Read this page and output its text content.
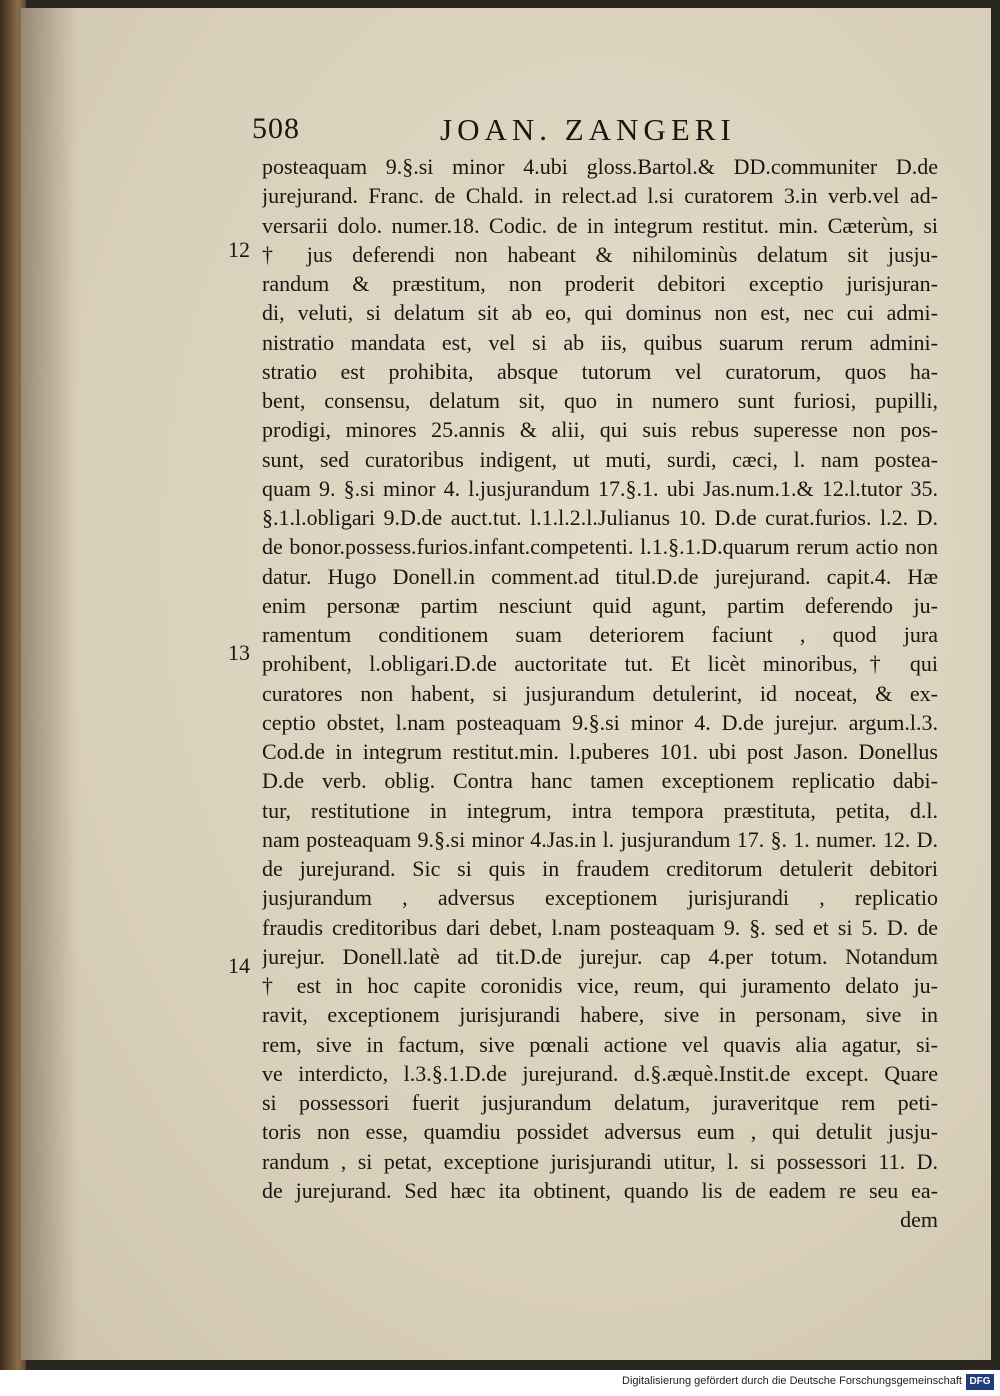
508	JOAN. ZANGERI
12
13
14
posteaquam 9.§.si minor 4.ubi gloss.Bartol.& DD.communiter D.de
jurejurand. Franc. de Chald. in relect.ad l.si curatorem 3.in verb.vel ad-
versarii dolo. numer.18. Codic. de in integrum restitut. min. Cæterùm, si
† jus deferendi non habeant & nihilominùs delatum sit jusju-
randum & præstitum, non proderit debitori exceptio jurisjuran-
di, veluti, si delatum sit ab eo, qui dominus non est, nec cui admi-
nistratio mandata est, vel si ab iis, quibus suarum rerum admini-
stratio est prohibita, absque tutorum vel curatorum, quos ha-
bent, consensu, delatum sit, quo in numero sunt furiosi, pupilli,
prodigi, minores 25.annis & alii, qui suis rebus superesse non pos-
sunt, sed curatoribus indigent, ut muti, surdi, cæci, l. nam postea-
quam 9. §.si minor 4. l.jusjurandum 17.§.1. ubi Jas.num.1.& 12.l.tutor 35.
§.1.l.obligari 9.D.de auct.tut. l.1.l.2.l.Julianus 10. D.de curat.furios. l.2. D.
de bonor.possess.furios.infant.competenti. l.1.§.1.D.quarum rerum actio non
datur. Hugo Donell.in comment.ad titul.D.de jurejurand. capit.4. Hæ
enim personæ partim nesciunt quid agunt, partim deferendo ju-
ramentum conditionem suam deteriorem faciunt , quod jura
prohibent, l.obligari.D.de auctoritate tut. Et licèt minoribus,† qui
curatores non habent, si jusjurandum detulerint, id noceat, & ex-
ceptio obstet, l.nam posteaquam 9.§.si minor 4. D.de jurejur. argum.l.3.
Cod.de in integrum restitut.min. l.puberes 101. ubi post Jason. Donellus
D.de verb. oblig. Contra hanc tamen exceptionem replicatio dabi-
tur, restitutione in integrum, intra tempora præstituta, petita, d.l.
nam posteaquam 9.§.si minor 4.Jas.in l. jusjurandum 17. §. 1. numer. 12. D.
de jurejurand. Sic si quis in fraudem creditorum detulerit debitori
jusjurandum , adversus exceptionem jurisjurandi , replicatio
fraudis creditoribus dari debet, l.nam posteaquam 9. §. sed et si 5. D. de
jurejur. Donell.latè ad tit.D.de jurejur. cap 4.per totum. Notandum
† est in hoc capite coronidis vice, reum, qui juramento delato ju-
ravit, exceptionem jurisjurandi habere, sive in personam, sive in
rem, sive in factum, sive pœnali actione vel quavis alia agatur, si-
ve interdicto, l.3.§.1.D.de jurejurand. d.§.æquè.Instit.de except. Quare
si possessori fuerit jusjurandum delatum, juraveritque rem peti-
toris non esse, quamdiu possidet adversus eum , qui detulit jusju-
randum , si petat, exceptione jurisjurandi utitur, l. si possessori 11. D.
de jurejurand. Sed hæc ita obtinent, quando lis de eadem re seu ea-
dem
Digitalisierung gefördert durch die Deutsche Forschungsgemeinschaft DFG
